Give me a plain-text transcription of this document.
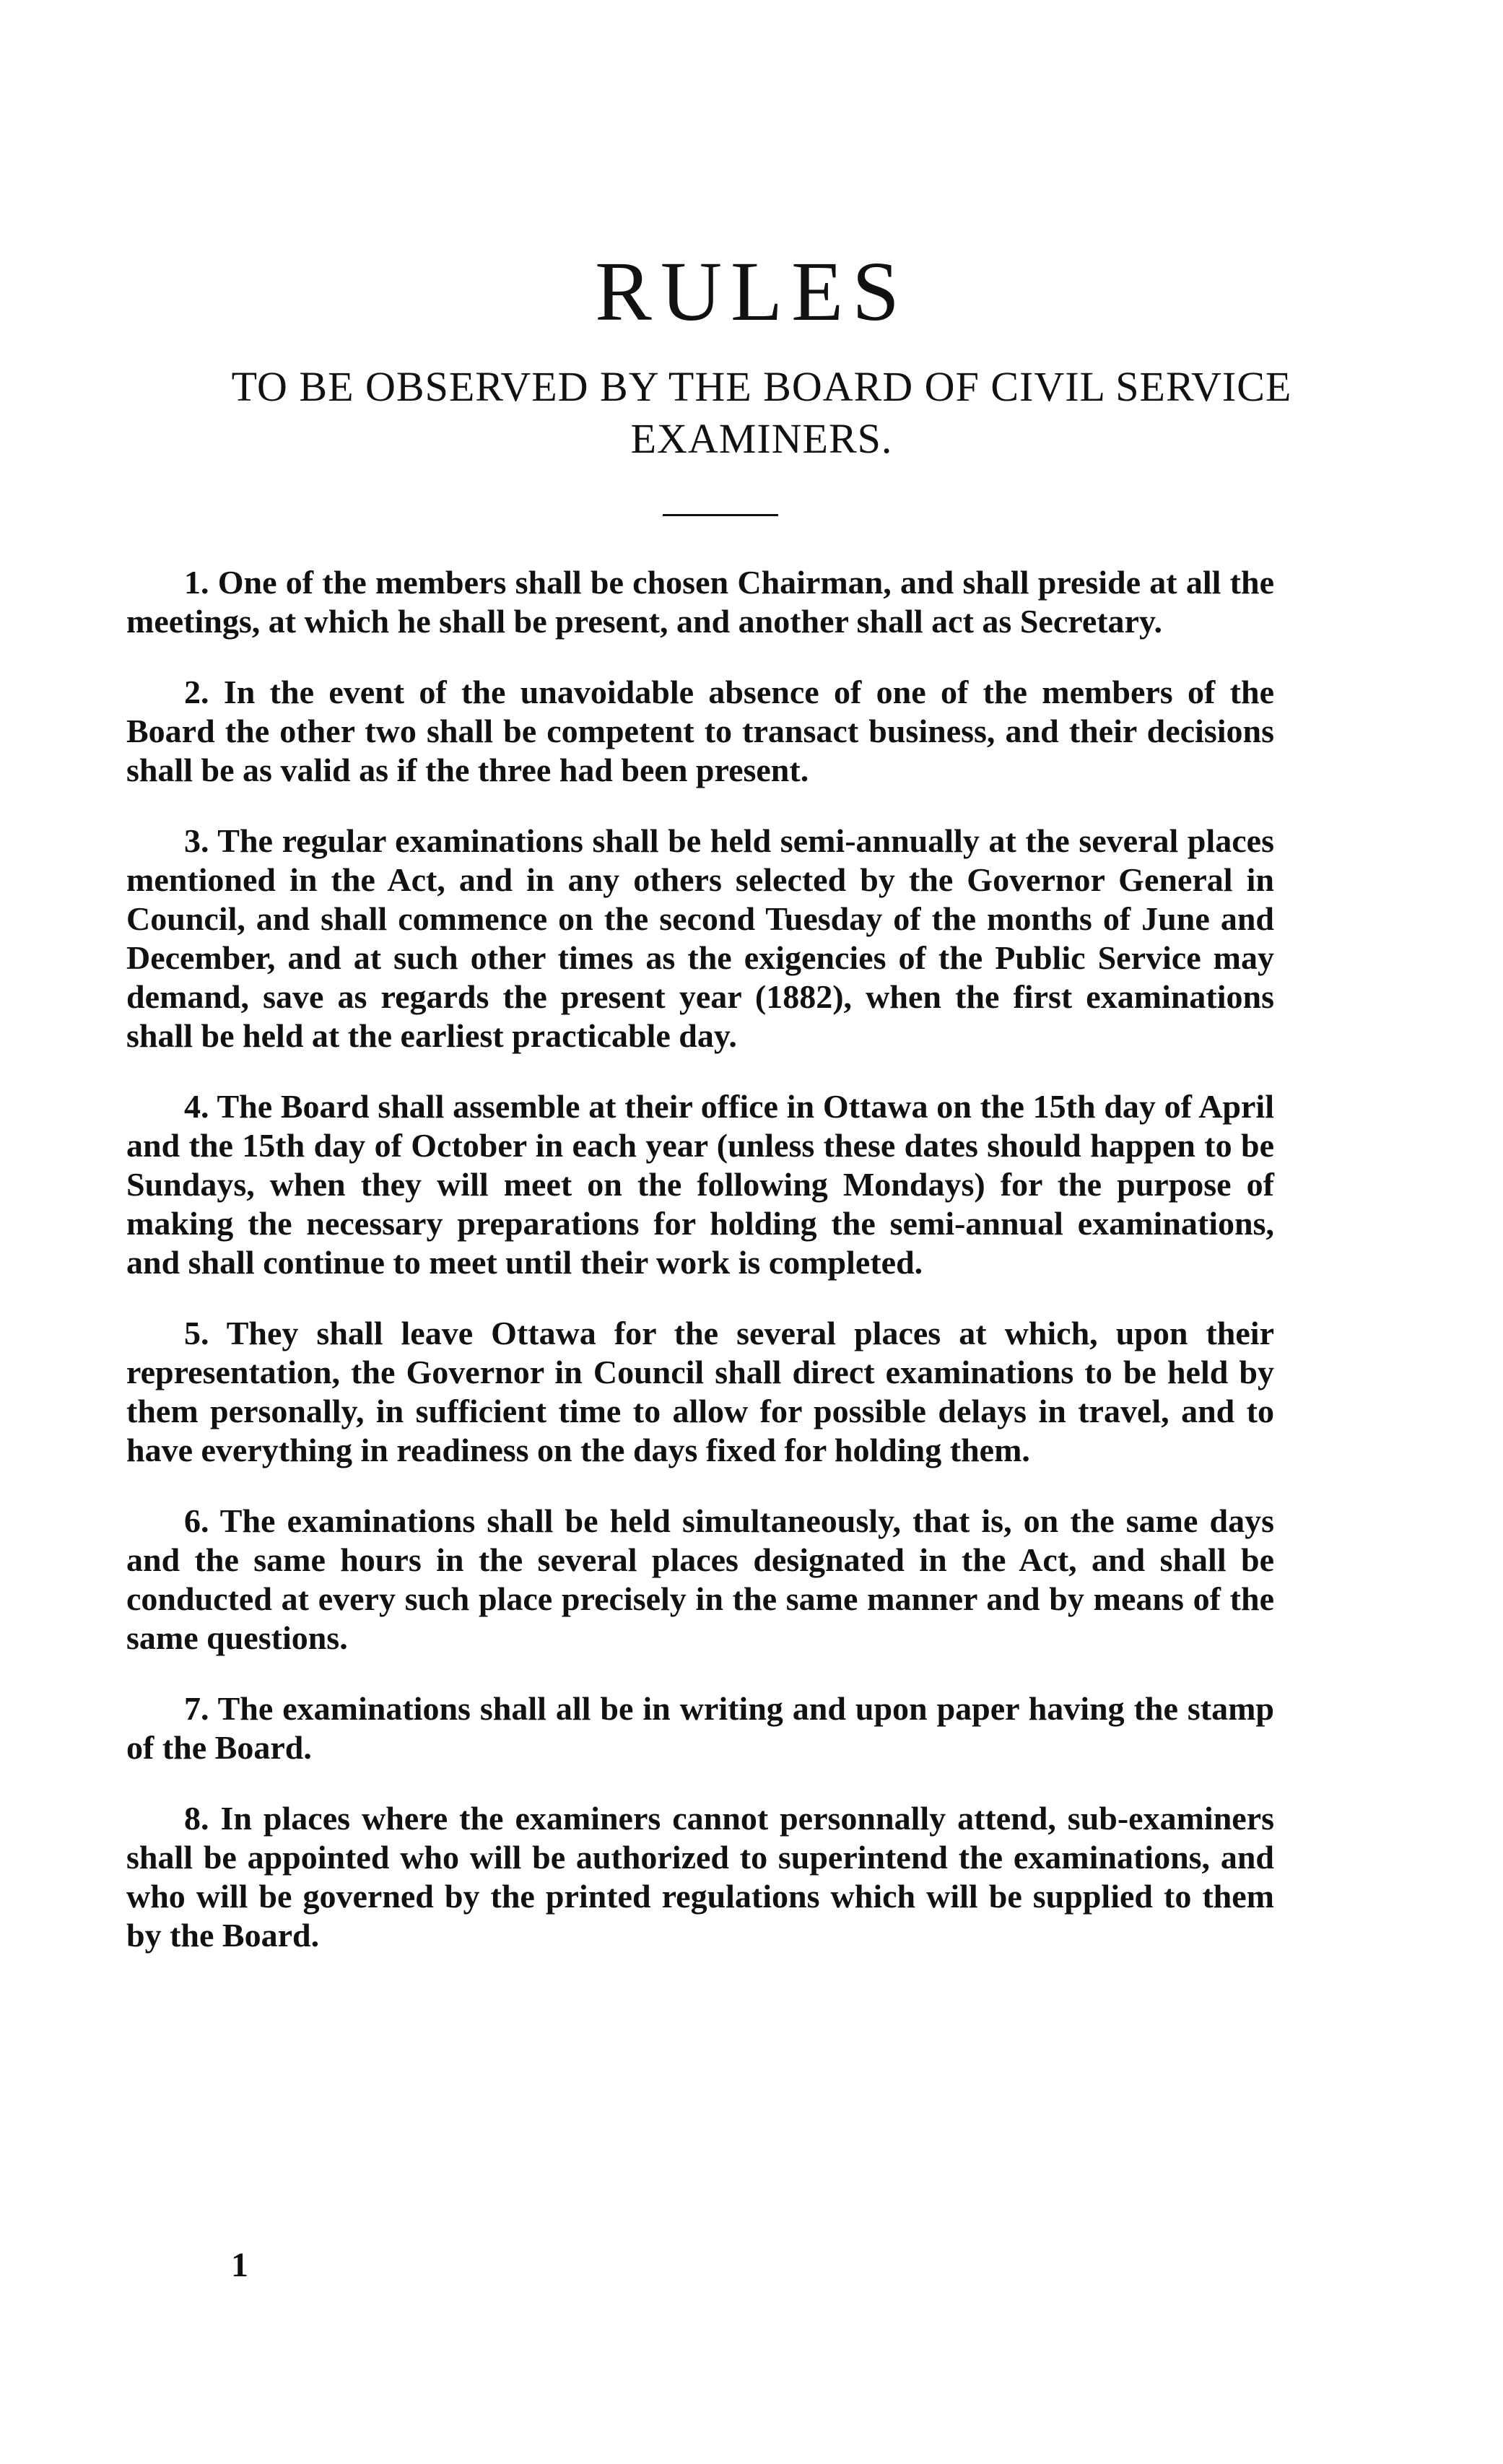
RULES
TO BE OBSERVED BY THE BOARD OF CIVIL SERVICE EXAMINERS.

1. One of the members shall be chosen Chairman, and shall preside at all the meetings, at which he shall be present, and another shall act as Secretary.

2. In the event of the unavoidable absence of one of the members of the Board the other two shall be competent to transact business, and their decisions shall be as valid as if the three had been present.

3. The regular examinations shall be held semi-annually at the several places mentioned in the Act, and in any others selected by the Governor General in Council, and shall commence on the second Tuesday of the months of June and December, and at such other times as the exigencies of the Public Service may demand, save as regards the present year (1882), when the first examinations shall be held at the earliest practicable day.

4. The Board shall assemble at their office in Ottawa on the 15th day of April and the 15th day of October in each year (unless these dates should happen to be Sundays, when they will meet on the following Mondays) for the purpose of making the necessary preparations for holding the semi-annual examinations, and shall continue to meet until their work is completed.

5. They shall leave Ottawa for the several places at which, upon their representation, the Governor in Council shall direct examinations to be held by them personally, in sufficient time to allow for possible delays in travel, and to have everything in readiness on the days fixed for holding them.

6. The examinations shall be held simultaneously, that is, on the same days and the same hours in the several places designated in the Act, and shall be conducted at every such place precisely in the same manner and by means of the same questions.

7. The examinations shall all be in writing and upon paper having the stamp of the Board.

8. In places where the examiners cannot personnally attend, sub-examiners shall be appointed who will be authorized to superintend the examinations, and who will be governed by the printed regulations which will be supplied to them by the Board.

1
